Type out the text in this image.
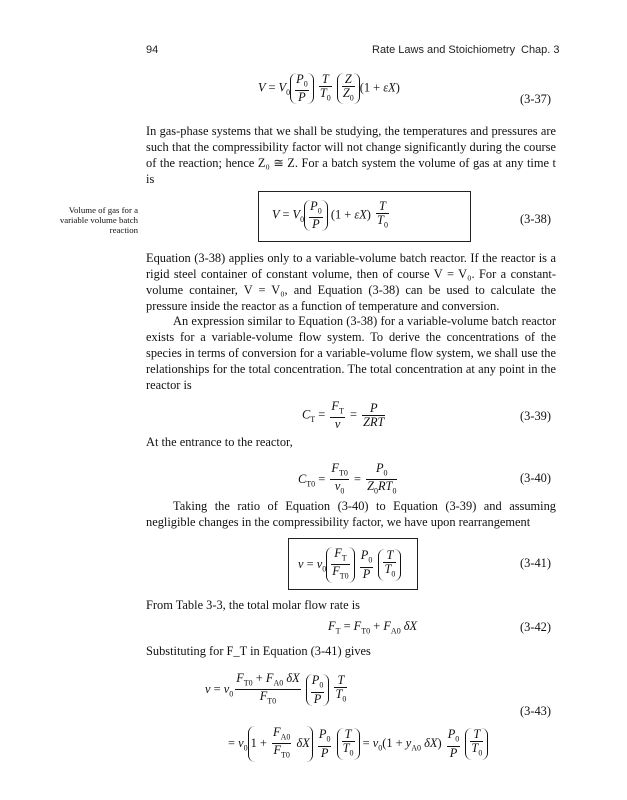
94	Rate Laws and Stoichiometry Chap. 3
$V = V_0 \frac{P_0}{P}$
$\frac{T}{T_0}$
$\frac{Z}{Z_0} (1 + \varepsilon X)$
(3-37)

In gas-phase systems that we shall be studying, the temperatures and pressures are such that the compressibility factor will not change significantly during the course of the reaction; hence Z₀ ≅ Z. For a batch system the volume of gas at any time t is

Volume of gas for a variable volume batch reaction
$V = V_0 \frac{P_0}{P} (1 + \varepsilon X) \frac{T}{T_0}$	(3-38)

Equation (3-38) applies only to a variable-volume batch reactor. If the reactor is a rigid steel container of constant volume, then of course V = V₀. For a constant-volume container, V = V₀, and Equation (3-38) can be used to calculate the pressure inside the reactor as a function of temperature and conversion.

An expression similar to Equation (3-38) for a variable-volume batch reactor exists for a variable-volume flow system. To derive the concentrations of the species in terms of conversion for a variable-volume flow system, we shall use the relationships for the total concentration. The total concentration at any point in the reactor is

$C_T = \frac{F_T}{v} = \frac{P}{\text{ZRT}}$	(3-39)

At the entrance to the reactor,

$C_{T0} = \frac{F_{T0}}{v_0} = \frac{P_0}{Z_0RT_0}$	(3-40)

Taking the ratio of Equation (3-40) to Equation (3-39) and assuming negligible changes in the compressibility factor, we have upon rearrangement

$v = v_0 \frac{F_T}{F_{T0}}$
$\frac{P_0}{P}$
$\frac{T}{T_0}$	(3-41)

From Table 3-3, the total molar flow rate is

$F_T = F_{T0} + F_{A0}$ δX	(3-42)

Substituting for F_T in Equation (3-41) gives

$v = v_0 \frac{F_{T0} + F_{A0} \delta X}{F_{T0}}$
$\frac{P_0}{P}$
$\frac{T}{T_0}$
= $v_0$ $1 + \frac{F_{A0}}{F_{T0}}$ δX $\frac{P_0}{P}$
$\frac{T}{T_0} = v_0(1 + y_{A0}$ $\delta X) \frac{P_0}{P}$
$\frac{T}{T_0}$
(3-43)
